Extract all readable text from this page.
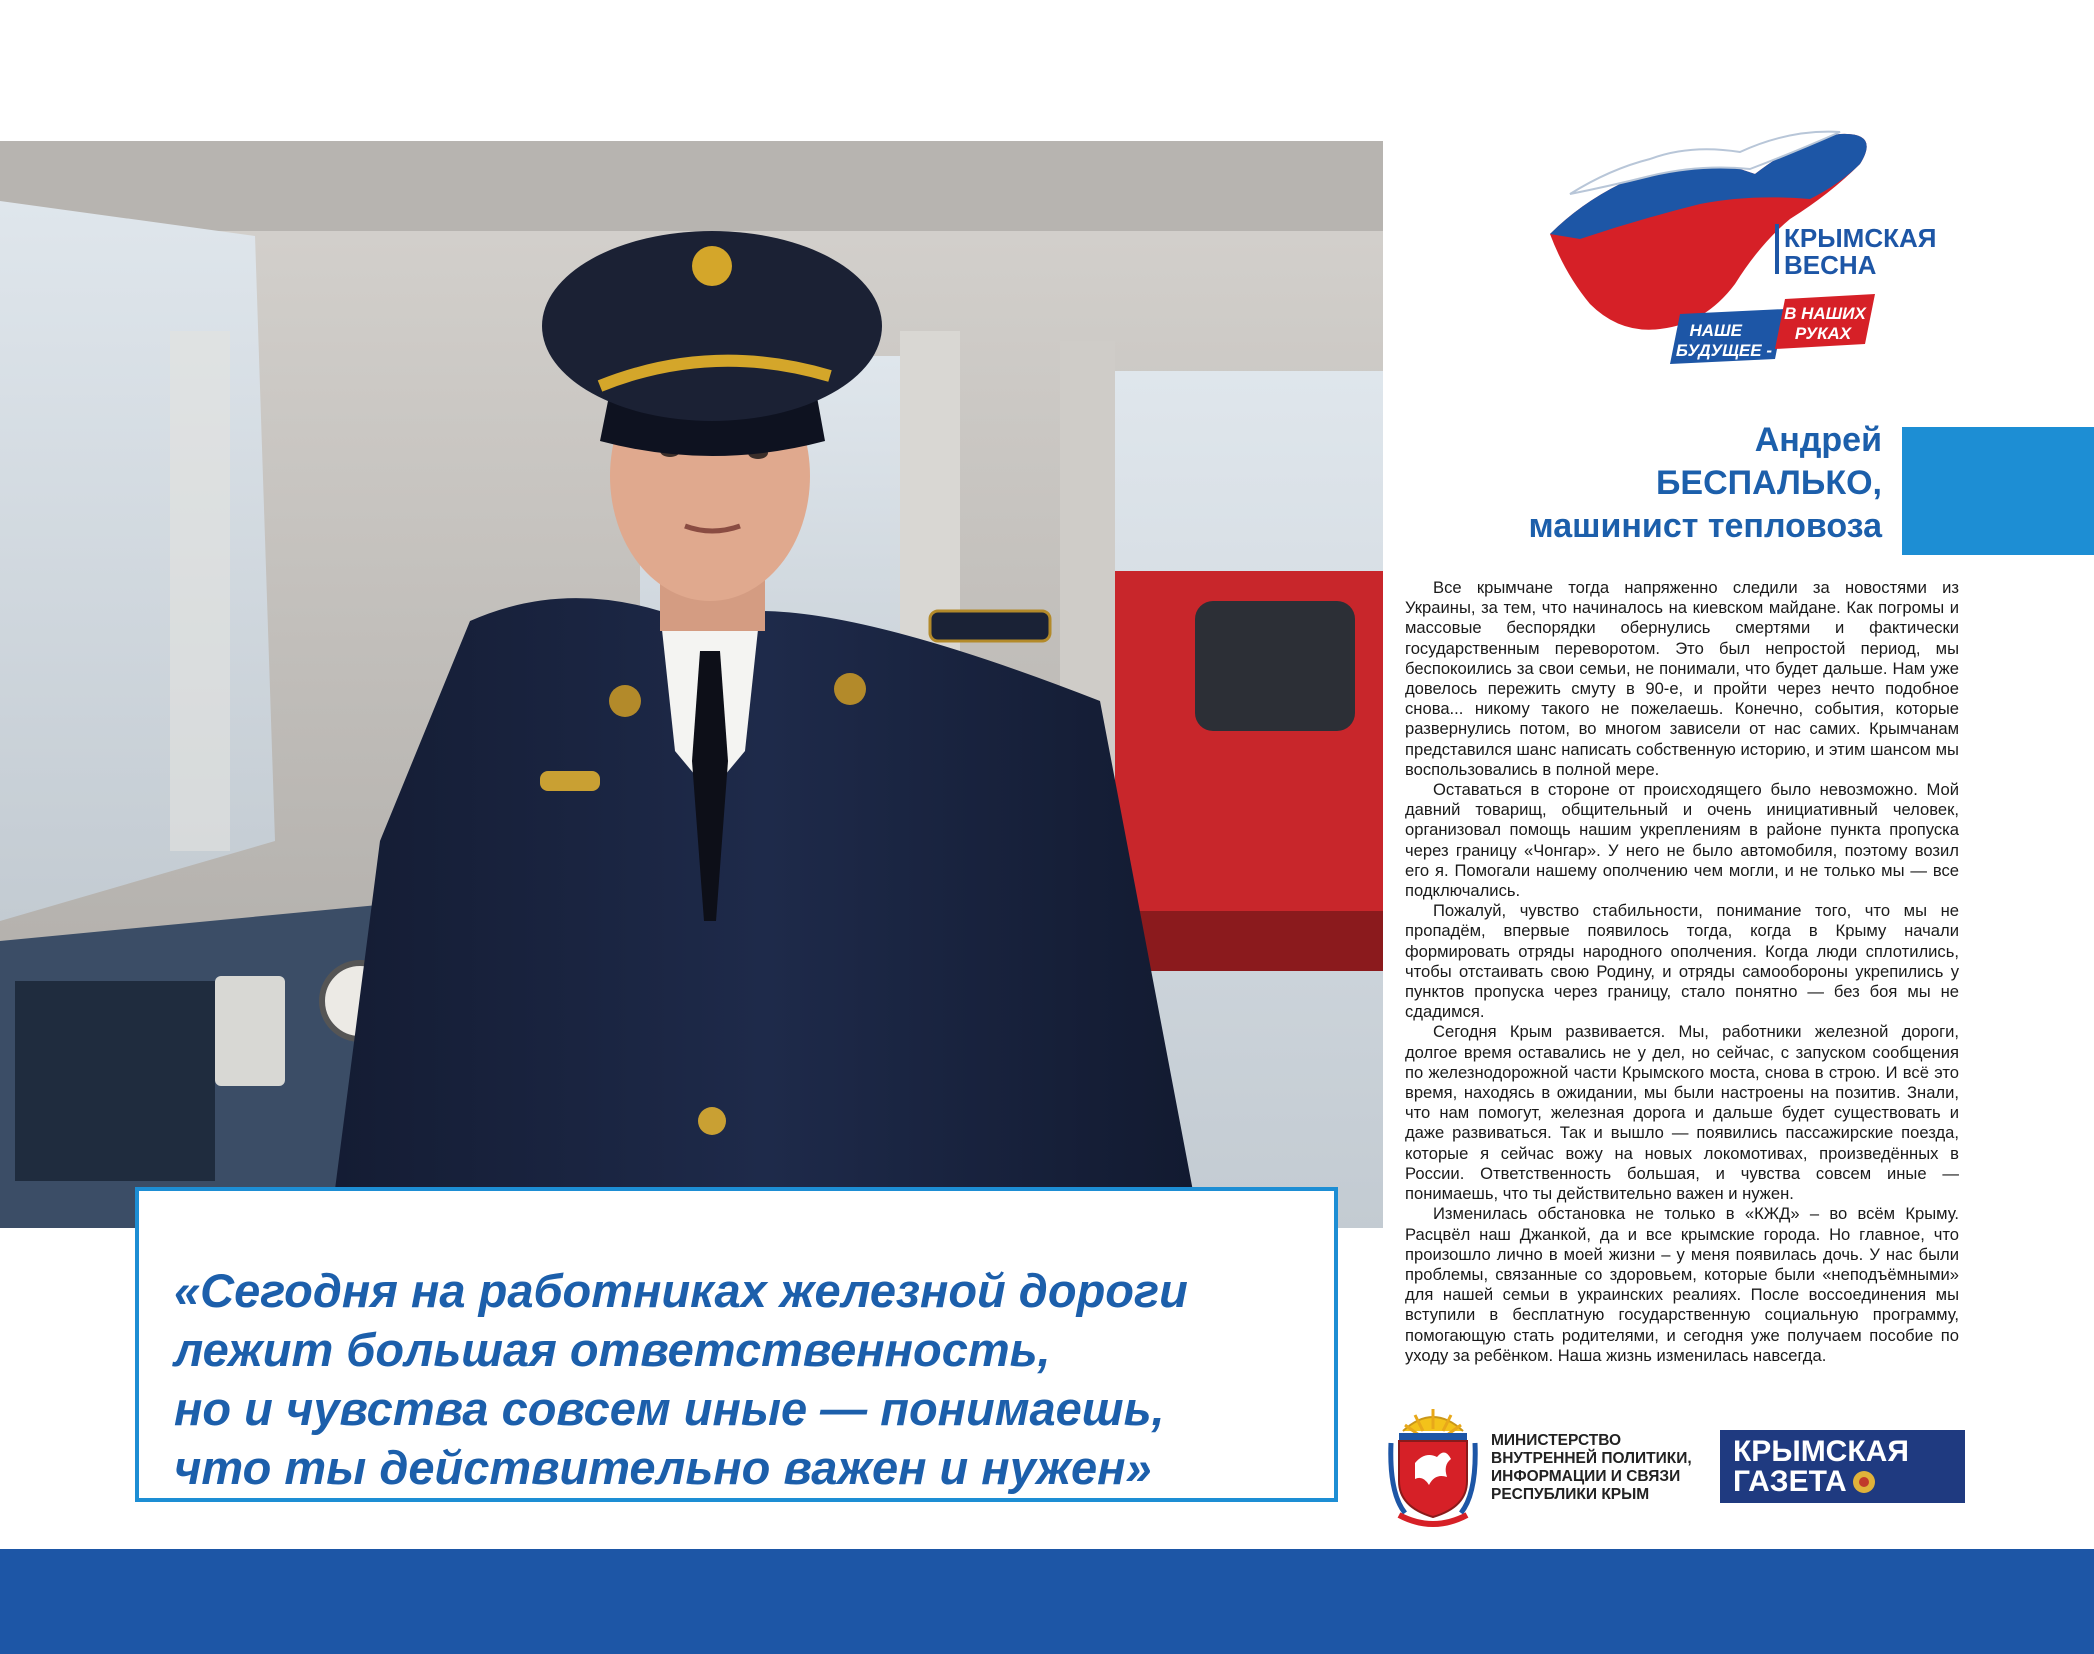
«Сегодня на работниках железной дороги
лежит большая ответственность,
но и чувства совсем иные — понимаешь,
что ты действительно важен и нужен»
КРЫМСКАЯ
ВЕСНА
НАШЕ
БУДУЩЕЕ -
В НАШИХ
РУКАХ
Андрей
БЕСПАЛЬКО,
машинист тепловоза

Все крымчане тогда напряженно следили за новостями из Украины, за тем, что начиналось на киевском майдане. Как погромы и массовые беспорядки обернулись смертями и фактически государственным переворотом. Это был непростой период, мы беспокоились за свои семьи, не понимали, что будет дальше. Нам уже довелось пережить смуту в 90-е, и пройти через нечто подобное снова... никому такого не пожелаешь. Конечно, события, которые развернулись потом, во многом зависели от нас самих. Крымчанам представился шанс написать собственную историю, и этим шансом мы воспользовались в полной мере.

Оставаться в стороне от происходящего было невозможно. Мой давний товарищ, общительный и очень инициативный человек, организовал помощь нашим укреплениям в районе пункта пропуска через границу «Чонгар». У него не было автомобиля, поэтому возил его я. Помогали нашему ополчению чем могли, и не только мы — все подключались.

Пожалуй, чувство стабильности, понимание того, что мы не пропадём, впервые появилось тогда, когда в Крыму начали формировать отряды народного ополчения. Когда люди сплотились, чтобы отстаивать свою Родину, и отряды самообороны укрепились у пунктов пропуска через границу, стало понятно — без боя мы не сдадимся.

Сегодня Крым развивается. Мы, работники железной дороги, долгое время оставались не у дел, но сейчас, с запуском сообщения по железнодорожной части Крымского моста, снова в строю. И всё это время, находясь в ожидании, мы были настроены на позитив. Знали, что нам помогут, железная дорога и дальше будет существовать и даже развиваться. Так и вышло — появились пассажирские поезда, которые я сейчас вожу на новых локомотивах, произведённых в России. Ответственность большая, и чувства совсем иные — понимаешь, что ты действительно важен и нужен.

Изменилась обстановка не только в «КЖД» – во всём Крыму. Расцвёл наш Джанкой, да и все крымские города. Но главное, что произошло лично в моей жизни – у меня появилась дочь. У нас были проблемы, связанные со здоровьем, которые были «неподъёмными» для нашей семьи в украинских реалиях. После воссоединения мы вступили в бесплатную государственную социальную программу, помогающую стать родителями, и сегодня уже получаем пособие по уходу за ребёнком. Наша жизнь изменилась навсегда.

МИНИСТЕРСТВО
ВНУТРЕННЕЙ ПОЛИТИКИ,
ИНФОРМАЦИИ И СВЯЗИ
РЕСПУБЛИКИ КРЫМ
КРЫМСКАЯ
ГАЗЕТА
